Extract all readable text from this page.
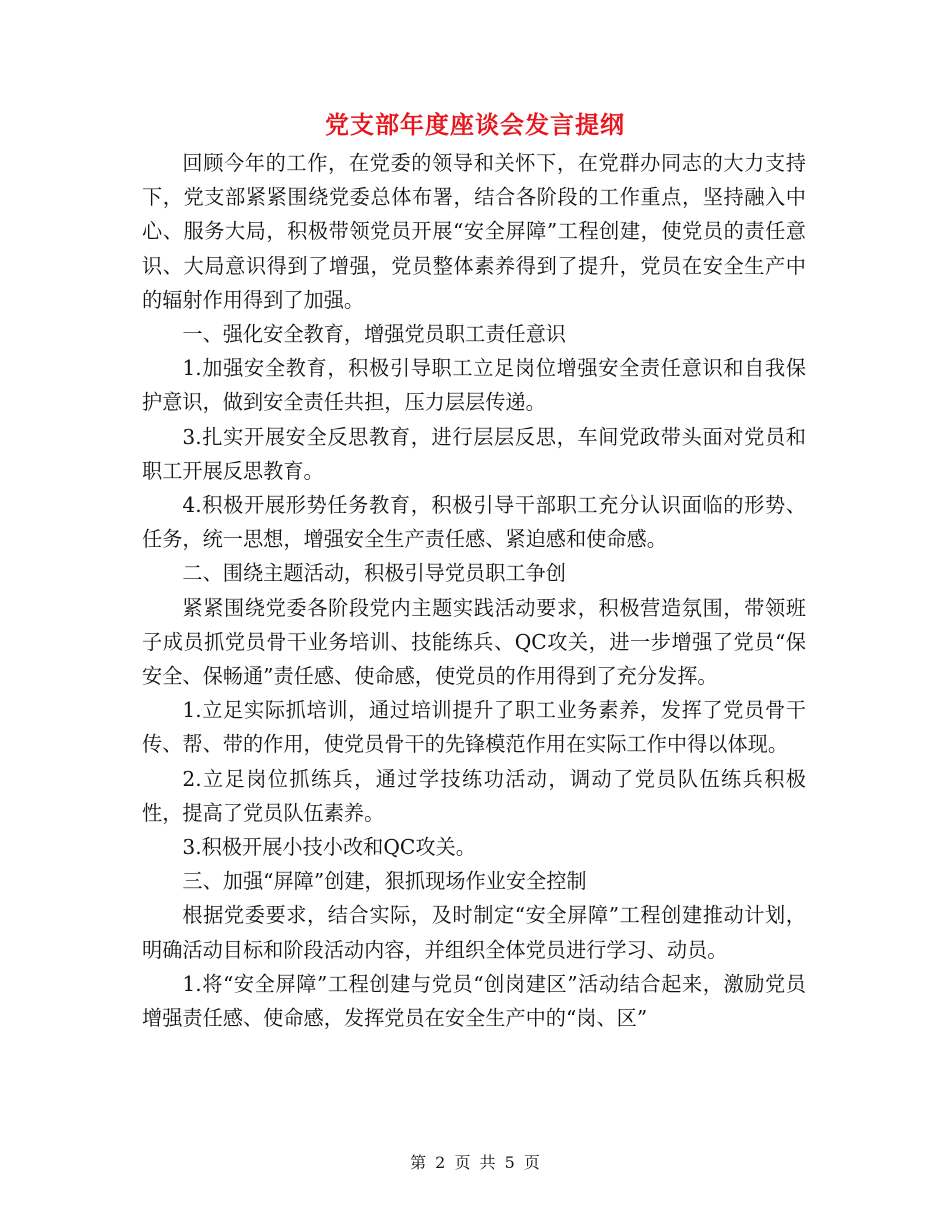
党支部年度座谈会发言提纲

回顾今年的工作，在党委的领导和关怀下，在党群办同志的大力支持下，党支部紧紧围绕党委总体布署，结合各阶段的工作重点，坚持融入中心、服务大局，积极带领党员开展“安全屏障”工程创建，使党员的责任意识、大局意识得到了增强，党员整体素养得到了提升，党员在安全生产中的辐射作用得到了加强。

一、强化安全教育，增强党员职工责任意识

1.加强安全教育，积极引导职工立足岗位增强安全责任意识和自我保护意识，做到安全责任共担，压力层层传递。

3.扎实开展安全反思教育，进行层层反思，车间党政带头面对党员和职工开展反思教育。

4.积极开展形势任务教育，积极引导干部职工充分认识面临的形势、任务，统一思想，增强安全生产责任感、紧迫感和使命感。

二、围绕主题活动，积极引导党员职工争创

紧紧围绕党委各阶段党内主题实践活动要求，积极营造氛围，带领班子成员抓党员骨干业务培训、技能练兵、QC攻关，进一步增强了党员“保安全、保畅通”责任感、使命感，使党员的作用得到了充分发挥。

1.立足实际抓培训，通过培训提升了职工业务素养，发挥了党员骨干传、帮、带的作用，使党员骨干的先锋模范作用在实际工作中得以体现。

2.立足岗位抓练兵，通过学技练功活动，调动了党员队伍练兵积极性，提高了党员队伍素养。

3.积极开展小技小改和QC攻关。

三、加强“屏障”创建，狠抓现场作业安全控制

根据党委要求，结合实际，及时制定“安全屏障”工程创建推动计划，明确活动目标和阶段活动内容，并组织全体党员进行学习、动员。

1.将“安全屏障”工程创建与党员“创岗建区”活动结合起来，激励党员增强责任感、使命感，发挥党员在安全生产中的“岗、区”

第 2 页 共 5 页
